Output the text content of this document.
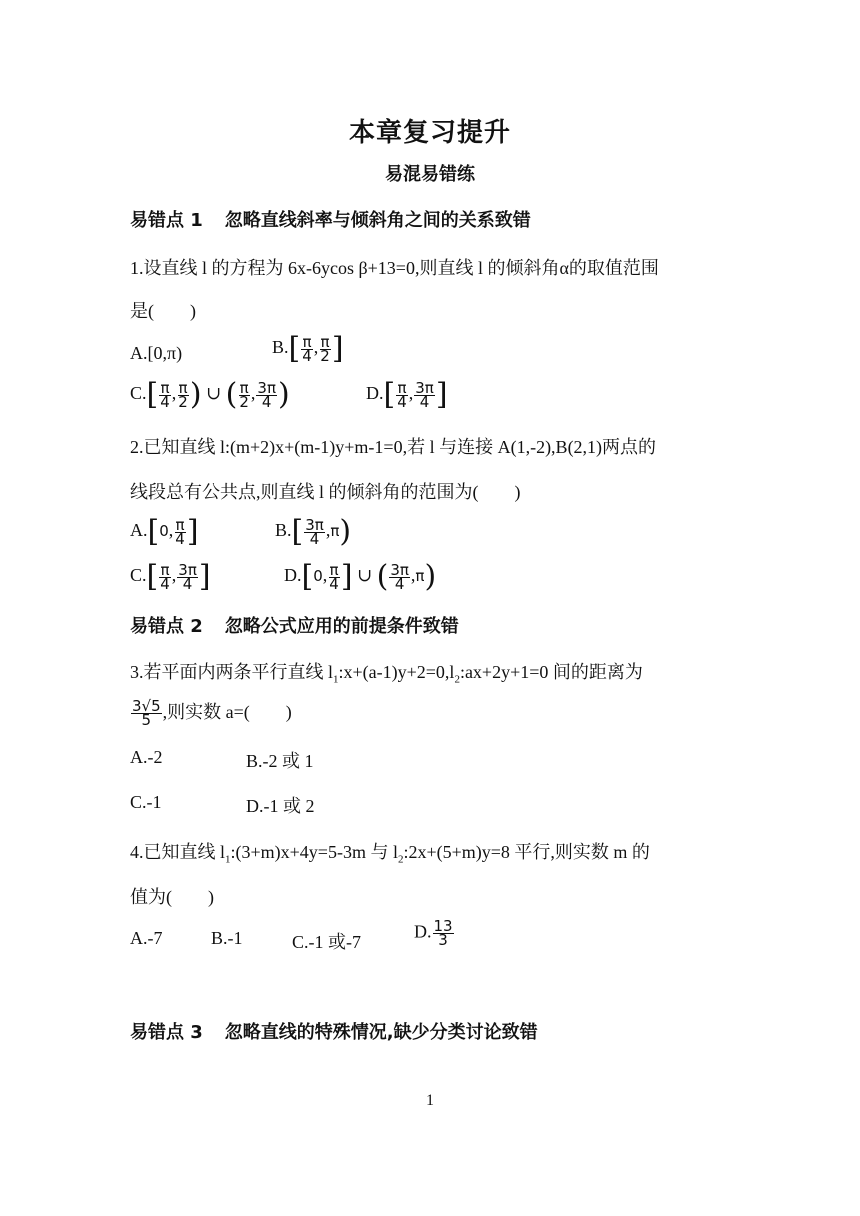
本章复习提升
易混易错练
易错点 1 忽略直线斜率与倾斜角之间的关系致错
1.设直线 l 的方程为 6x-6ycos β+13=0,则直线 l 的倾斜角α的取值范围
是(　　)
A.[0,π)	$B.[ \frac{\pi}{4}$ , $\frac{\pi}{2}$ ]
$C.[ \frac{\pi}{4}$ , $\frac{\pi}{2}$ ) ∪ ( $\frac{\pi}{2}$ , $\frac{3\pi}{4}$ )	$D.[ \frac{\pi}{4}$ , $\frac{3\pi}{4}$ ]
2.已知直线 l:(m+2)x+(m-1)y+m-1=0,若 l 与连接 A(1,-2),B(2,1)两点的
线段总有公共点,则直线 l 的倾斜角的范围为(　　)
A.[0, $\frac{\pi}{4}$ ]	$B.[ \frac{3\pi}{4} ,\pi)$
$C.[ \frac{\pi}{4}$ , $\frac{3\pi}{4}$ ]	D.[0, $\frac{\pi}{4}$ ] ∪ ( $\frac{3\pi}{4} ,\pi$)
易错点 2 忽略公式应用的前提条件致错
3.若平面内两条平行直线 $l_1:x+(a-1)y+2=0,l_2:ax+2y+1=0$ 间的距离为
$\frac{3√5}{5}$ ,则实数 a=(　　)
A.-2	B.-2 或 1
C.-1	D.-1 或 2
4.已知直线 $l_1:(3+m)x+4y=5-3m$ 与 $l_2:2x+(5+m)y=8$ 平行,则实数 m 的
值为(　　)
A.-7	B.-1	C.-1 或-7
D. $\frac{13}{3}$
易错点 3 忽略直线的特殊情况,缺少分类讨论致错
1
